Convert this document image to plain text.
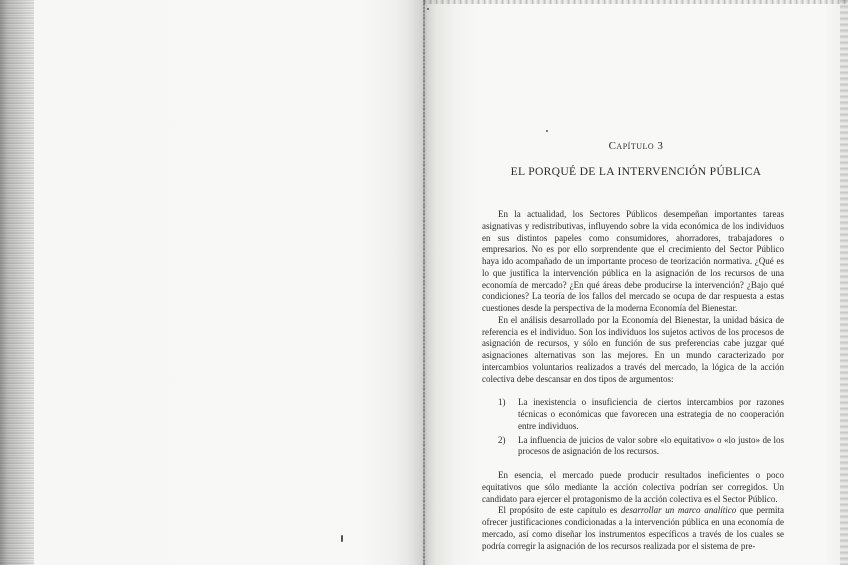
Capítulo 3
EL PORQUÉ DE LA INTERVENCIÓN PÚBLICA

En la actualidad, los Sectores Públicos desempeñan importantes tareas asignativas y redistributivas, influyendo sobre la vida económica de los individuos en sus distintos papeles como consumidores, ahorradores, trabajadores o empresarios. No es por ello sorprendente que el crecimiento del Sector Público haya ido acompañado de un importante proceso de teorización normativa. ¿Qué es lo que justifica la intervención pública en la asignación de los recursos de una economía de mercado? ¿En qué áreas debe producirse la intervención? ¿Bajo qué condiciones? La teoría de los fallos del mercado se ocupa de dar respuesta a estas cuestiones desde la perspectiva de la moderna Economía del Bienestar.

En el análisis desarrollado por la Economía del Bienestar, la unidad básica de referencia es el individuo. Son los individuos los sujetos activos de los procesos de asignación de recursos, y sólo en función de sus preferencias cabe juzgar qué asignaciones alternativas son las mejores. En un mundo caracterizado por intercambios voluntarios realizados a través del mercado, la lógica de la acción colectiva debe descansar en dos tipos de argumentos:

1)	La inexistencia o insuficiencia de ciertos intercambios por razones técnicas o económicas que favorecen una estrategia de no cooperación entre individuos.
2)	La influencia de juicios de valor sobre «lo equitativo» o «lo justo» de los procesos de asignación de los recursos.

En esencia, el mercado puede producir resultados ineficientes o poco equitativos que sólo mediante la acción colectiva podrían ser corregidos. Un candidato para ejercer el protagonismo de la acción colectiva es el Sector Público.

El propósito de este capítulo es desarrollar un marco analítico que permita ofrecer justificaciones condicionadas a la intervención pública en una economía de mercado, así como diseñar los instrumentos específicos a través de los cuales se podría corregir la asignación de los recursos realizada por el sistema de pre-
